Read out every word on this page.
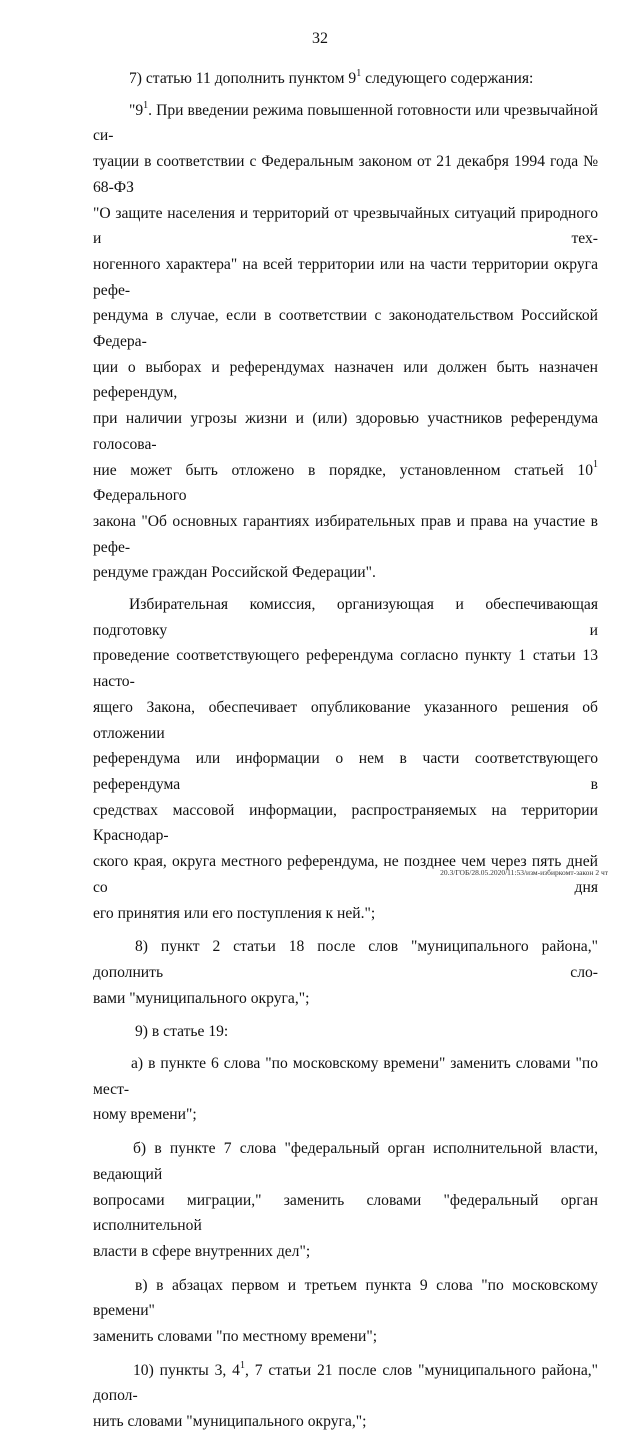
32
7) статью 11 дополнить пунктом $9^1$ следующего содержания:
"$9^1$. При введении режима повышенной готовности или чрезвычайной си-
туации в соответствии с Федеральным законом от 21 декабря 1994 года № 68-ФЗ
"О защите населения и территорий от чрезвычайных ситуаций природного и тех-
ногенного характера" на всей территории или на части территории округа рефе-
рендума в случае, если в соответствии с законодательством Российской Федера-
ции о выборах и референдумах назначен или должен быть назначен референдум,
при наличии угрозы жизни и (или) здоровью участников референдума голосова-
ние может быть отложено в порядке, установленном статьей $10^1$ Федерального
закона "Об основных гарантиях избирательных прав и права на участие в рефе-
рендуме граждан Российской Федерации".
Избирательная комиссия, организующая и обеспечивающая подготовку и
проведение соответствующего референдума согласно пункту 1 статьи 13 насто-
ящего Закона, обеспечивает опубликование указанного решения об отложении
референдума или информации о нем в части соответствующего референдума в
средствах массовой информации, распространяемых на территории Краснодар-
ского края, округа местного референдума, не позднее чем через пять дней со дня
его принятия или его поступления к ней.";
8) пункт 2 статьи 18 после слов "муниципального района," дополнить сло-
вами "муниципального округа,";
9) в статье 19:
а) в пункте 6 слова "по московскому времени" заменить словами "по мест-
ному времени";
б) в пункте 7 слова "федеральный орган исполнительной власти, ведающий
вопросами миграции," заменить словами "федеральный орган исполнительной
власти в сфере внутренних дел";
в) в абзацах первом и третьем пункта 9 слова "по московскому времени"
заменить словами "по местному времени";
10) пункты 3, $4^1$, 7 статьи 21 после слов "муниципального района," допол-
нить словами "муниципального округа,";
20.3/ГОБ/28.05.2020/11:53/изм-избиркомт-закон 2 чт
